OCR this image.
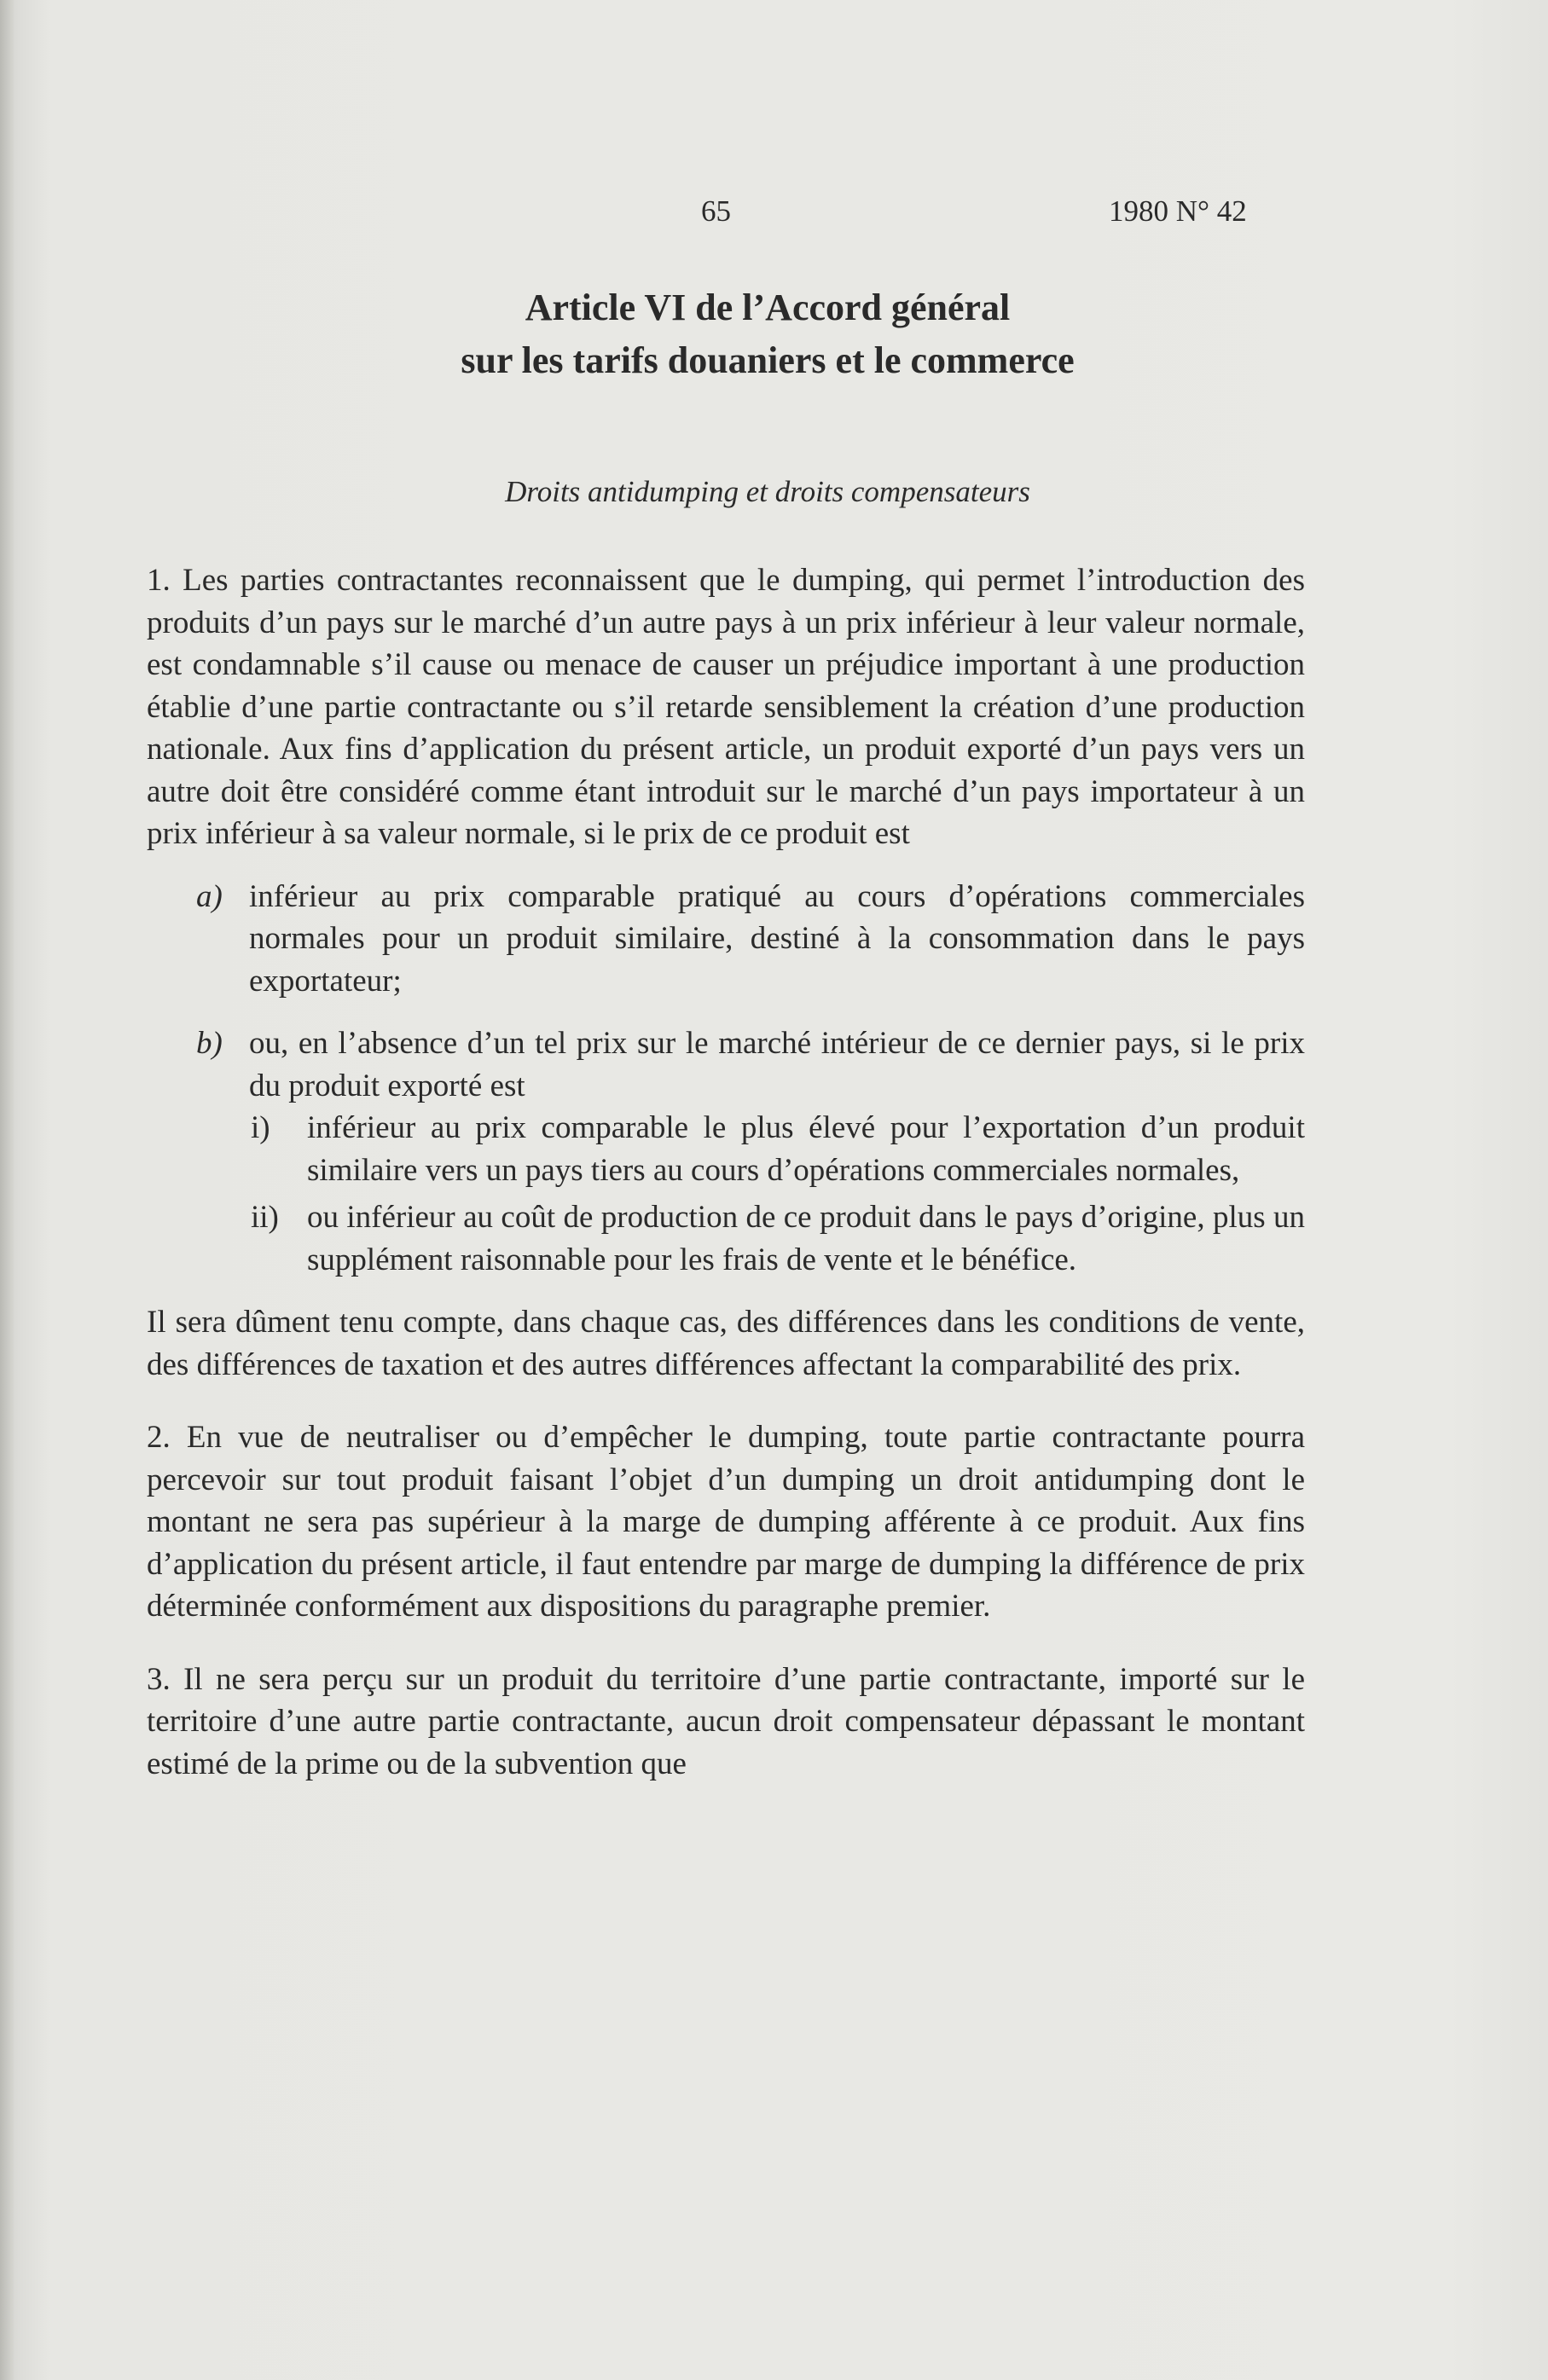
65	1980 N° 42
Article VI de l’Accord général
sur les tarifs douaniers et le commerce
Droits antidumping et droits compensateurs

1. Les parties contractantes reconnaissent que le dumping, qui permet l’introduction des produits d’un pays sur le marché d’un autre pays à un prix inférieur à leur valeur normale, est condamnable s’il cause ou menace de causer un préjudice important à une production établie d’une partie contractante ou s’il retarde sensiblement la création d’une production nationale. Aux fins d’application du présent article, un produit exporté d’un pays vers un autre doit être considéré comme étant introduit sur le marché d’un pays importateur à un prix inférieur à sa valeur normale, si le prix de ce produit est

a) inférieur au prix comparable pratiqué au cours d’opérations commerciales normales pour un produit similaire, destiné à la consommation dans le pays exportateur;
b) ou, en l’absence d’un tel prix sur le marché intérieur de ce dernier pays, si le prix du produit exporté est
i) inférieur au prix comparable le plus élevé pour l’exportation d’un produit similaire vers un pays tiers au cours d’opérations commerciales normales,
ii) ou inférieur au coût de production de ce produit dans le pays d’origine, plus un supplément raisonnable pour les frais de vente et le bénéfice.

Il sera dûment tenu compte, dans chaque cas, des différences dans les conditions de vente, des différences de taxation et des autres différences affectant la comparabilité des prix.

2. En vue de neutraliser ou d’empêcher le dumping, toute partie contractante pourra percevoir sur tout produit faisant l’objet d’un dumping un droit antidumping dont le montant ne sera pas supérieur à la marge de dumping afférente à ce produit. Aux fins d’application du présent article, il faut entendre par marge de dumping la différence de prix déterminée conformément aux dispositions du paragraphe premier.

3. Il ne sera perçu sur un produit du territoire d’une partie contractante, importé sur le territoire d’une autre partie contractante, aucun droit compensateur dépassant le montant estimé de la prime ou de la subvention que
